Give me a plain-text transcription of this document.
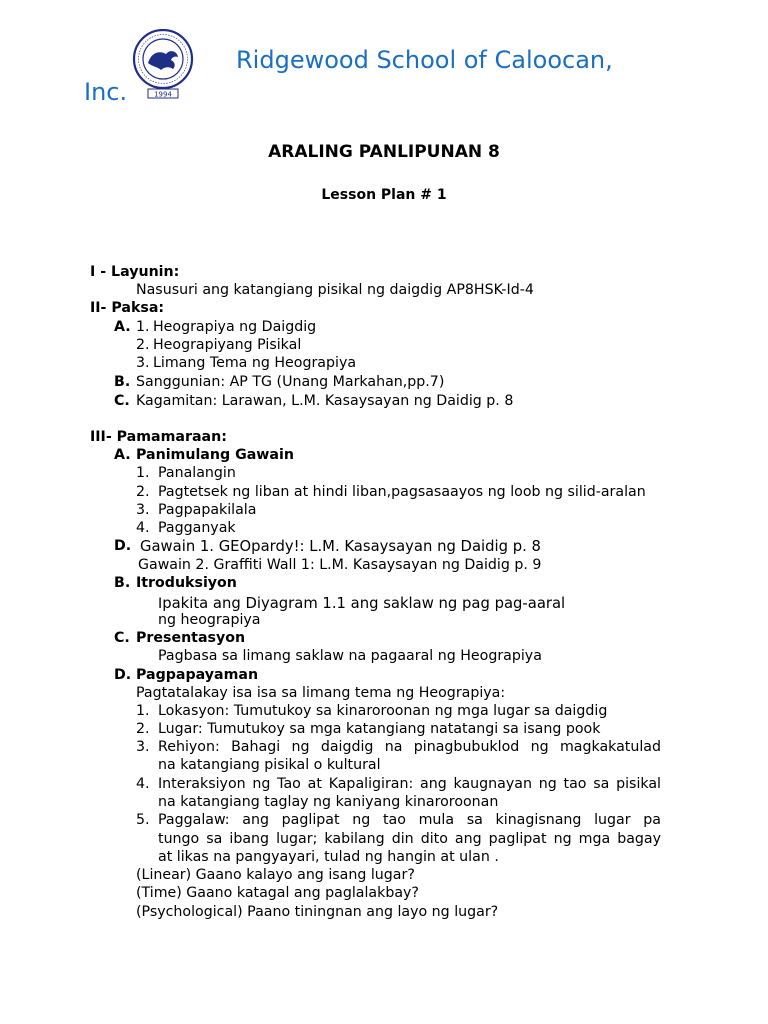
1994
Ridgewood School of Caloocan,
Inc.
ARALING PANLIPUNAN 8
Lesson Plan # 1
I - Layunin:
Nasusuri ang katangiang pisikal ng daigdig AP8HSK-Id-4
II- Paksa:
A. 1. Heograpiya ng Daigdig
2. Heograpiyang Pisikal
3. Limang Tema ng Heograpiya
B. Sanggunian: AP TG (Unang Markahan,pp.7)
C. Kagamitan: Larawan, L.M. Kasaysayan ng Daidig p. 8
III- Pamamaraan:
A. Panimulang Gawain
1. Panalangin
2. Pagtetsek ng liban at hindi liban,pagsasaayos ng loob ng silid-aralan
3. Pagpapakilala
4. Pagganyak
D. Gawain 1. GEOpardy!: L.M. Kasaysayan ng Daidig p. 8
Gawain 2. Graffiti Wall 1: L.M. Kasaysayan ng Daidig p. 9
B. Itroduksiyon
Ipakita ang Diyagram 1.1 ang saklaw ng pag pag-aaral
ng heograpiya
C. Presentasyon
Pagbasa sa limang saklaw na pagaaral ng Heograpiya
D. Pagpapayaman
Pagtatalakay isa isa sa limang tema ng Heograpiya:
1. Lokasyon: Tumutukoy sa kinaroroonan ng mga lugar sa daigdig
2. Lugar: Tumutukoy sa mga katangiang natatangi sa isang pook
3. Rehiyon: Bahagi ng daigdig na pinagbubuklod ng magkakatulad
na katangiang pisikal o kultural
4. Interaksiyon ng Tao at Kapaligiran: ang kaugnayan ng tao sa pisikal
na katangiang taglay ng kaniyang kinaroroonan
5. Paggalaw: ang paglipat ng tao mula sa kinagisnang lugar pa
tungo sa ibang lugar; kabilang din dito ang paglipat ng mga bagay
at likas na pangyayari, tulad ng hangin at ulan .
(Linear) Gaano kalayo ang isang lugar?
(Time) Gaano katagal ang paglalakbay?
(Psychological) Paano tiningnan ang layo ng lugar?
